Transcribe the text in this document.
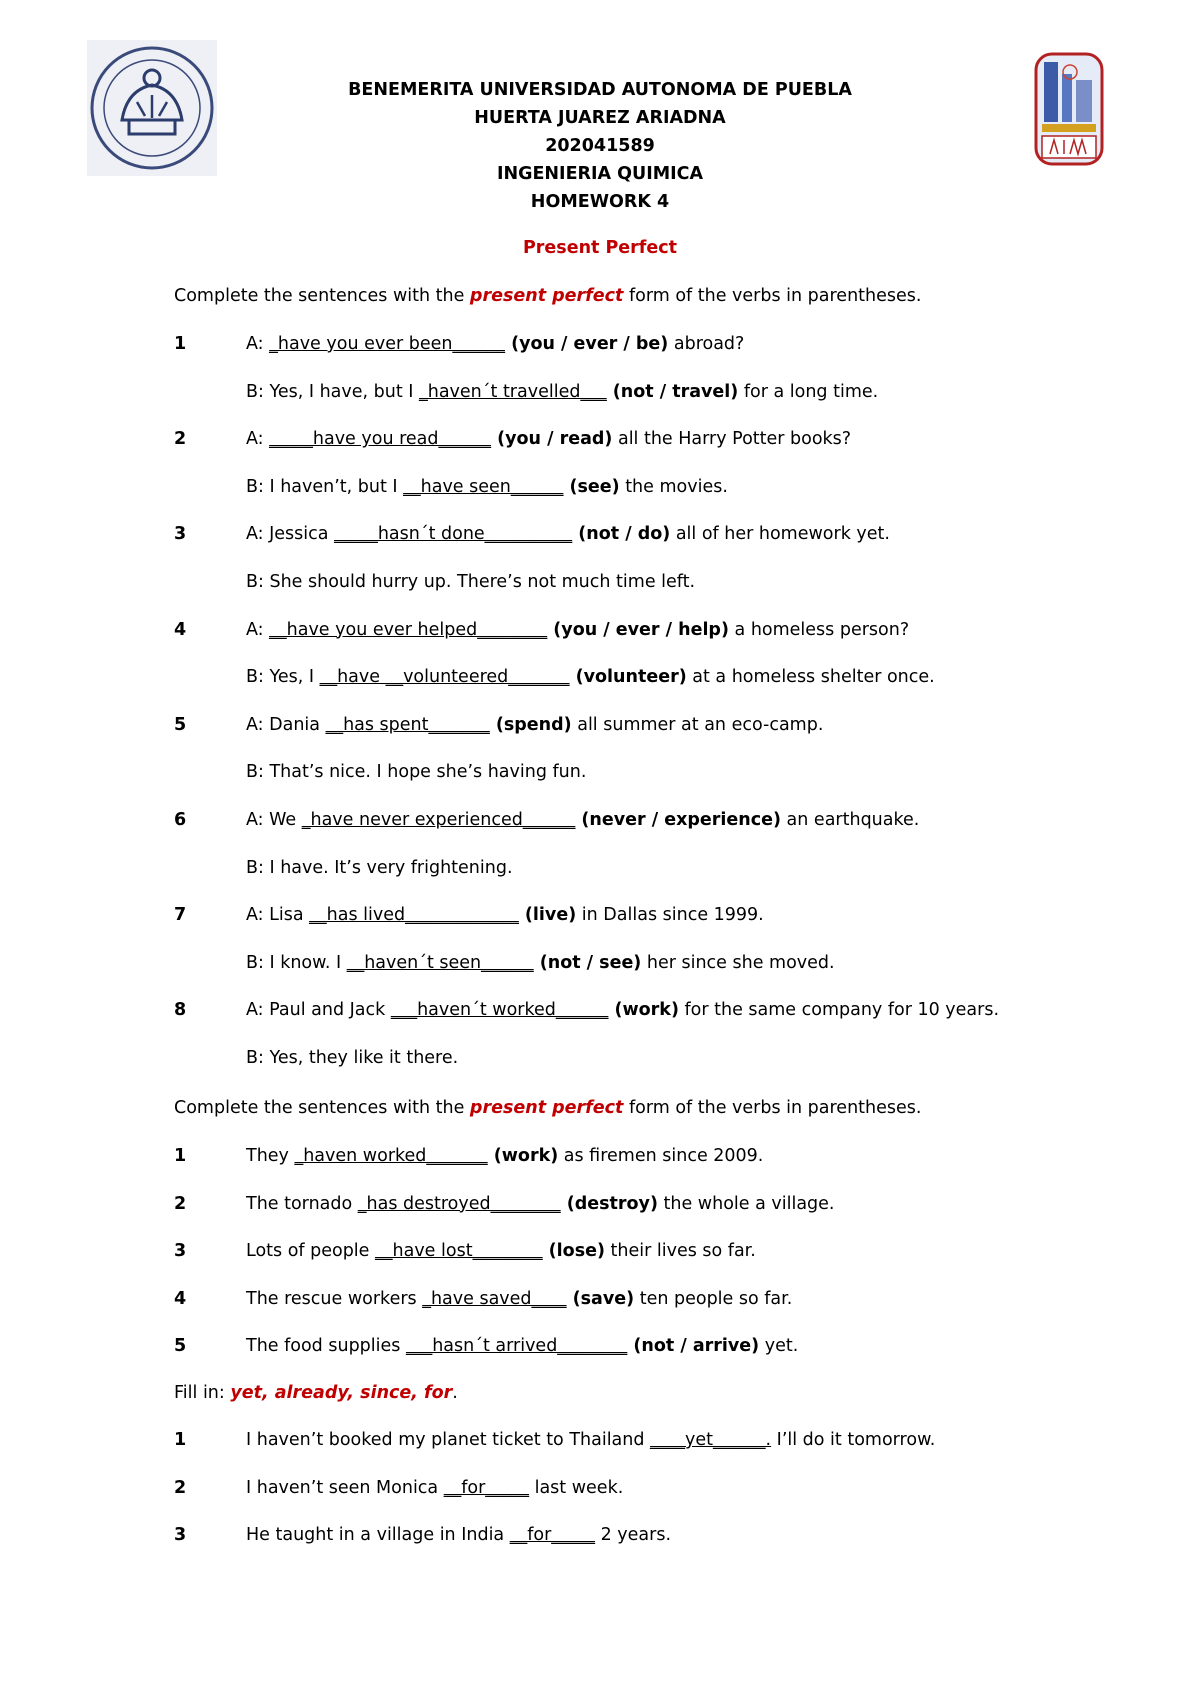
BENEMERITA UNIVERSIDAD AUTONOMA DE PUEBLA
HUERTA JUAREZ ARIADNA
202041589
INGENIERIA QUIMICA
HOMEWORK 4
Present Perfect
Complete the sentences with the present perfect form of the verbs in parentheses.
1	A: _have you ever been______ (you / ever / be) abroad?
B: Yes, I have, but I _haven´t travelled___ (not / travel) for a long time.
2	A: _____have you read______ (you / read) all the Harry Potter books?
B: I haven’t, but I __have seen______ (see) the movies.
3	A: Jessica _____hasn´t done__________ (not / do) all of her homework yet.
B: She should hurry up. There’s not much time left.
4	A: __have you ever helped________ (you / ever / help) a homeless person?
B: Yes, I __have __volunteered_______ (volunteer) at a homeless shelter once.
5	A: Dania __has spent_______ (spend) all summer at an eco-camp.
B: That’s nice. I hope she’s having fun.
6	A: We _have never experienced______ (never / experience) an earthquake.
B: I have. It’s very frightening.
7	A: Lisa __has lived_____________ (live) in Dallas since 1999.
B: I know. I __haven´t seen______ (not / see) her since she moved.
8	A: Paul and Jack ___haven´t worked______ (work) for the same company for 10 years.
B: Yes, they like it there.
Complete the sentences with the present perfect form of the verbs in parentheses.
1	They _haven worked_______ (work) as firemen since 2009.
2	The tornado _has destroyed________ (destroy) the whole a village.
3	Lots of people __have lost________ (lose) their lives so far.
4	The rescue workers _have saved____ (save) ten people so far.
5	The food supplies ___hasn´t arrived________ (not / arrive) yet.
Fill in: yet, already, since, for.
1	I haven’t booked my planet ticket to Thailand ____yet______. I’ll do it tomorrow.
2	I haven’t seen Monica __for_____ last week.
3	He taught in a village in India __for_____ 2 years.
